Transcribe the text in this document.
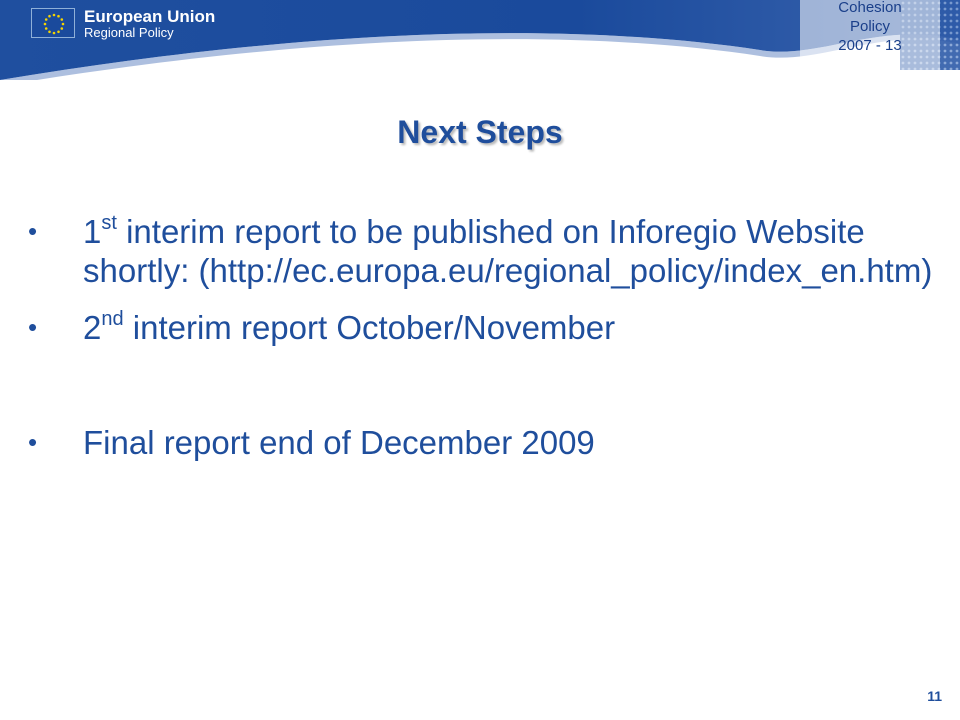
European Union
Regional Policy
Cohesion
Policy
2007 - 13
Next Steps
• 1st interim report to be published on Inforegio Website shortly: (http://ec.europa.eu/regional_policy/index_en.htm)
• 2nd interim report October/November
• Final report end of December 2009
11
